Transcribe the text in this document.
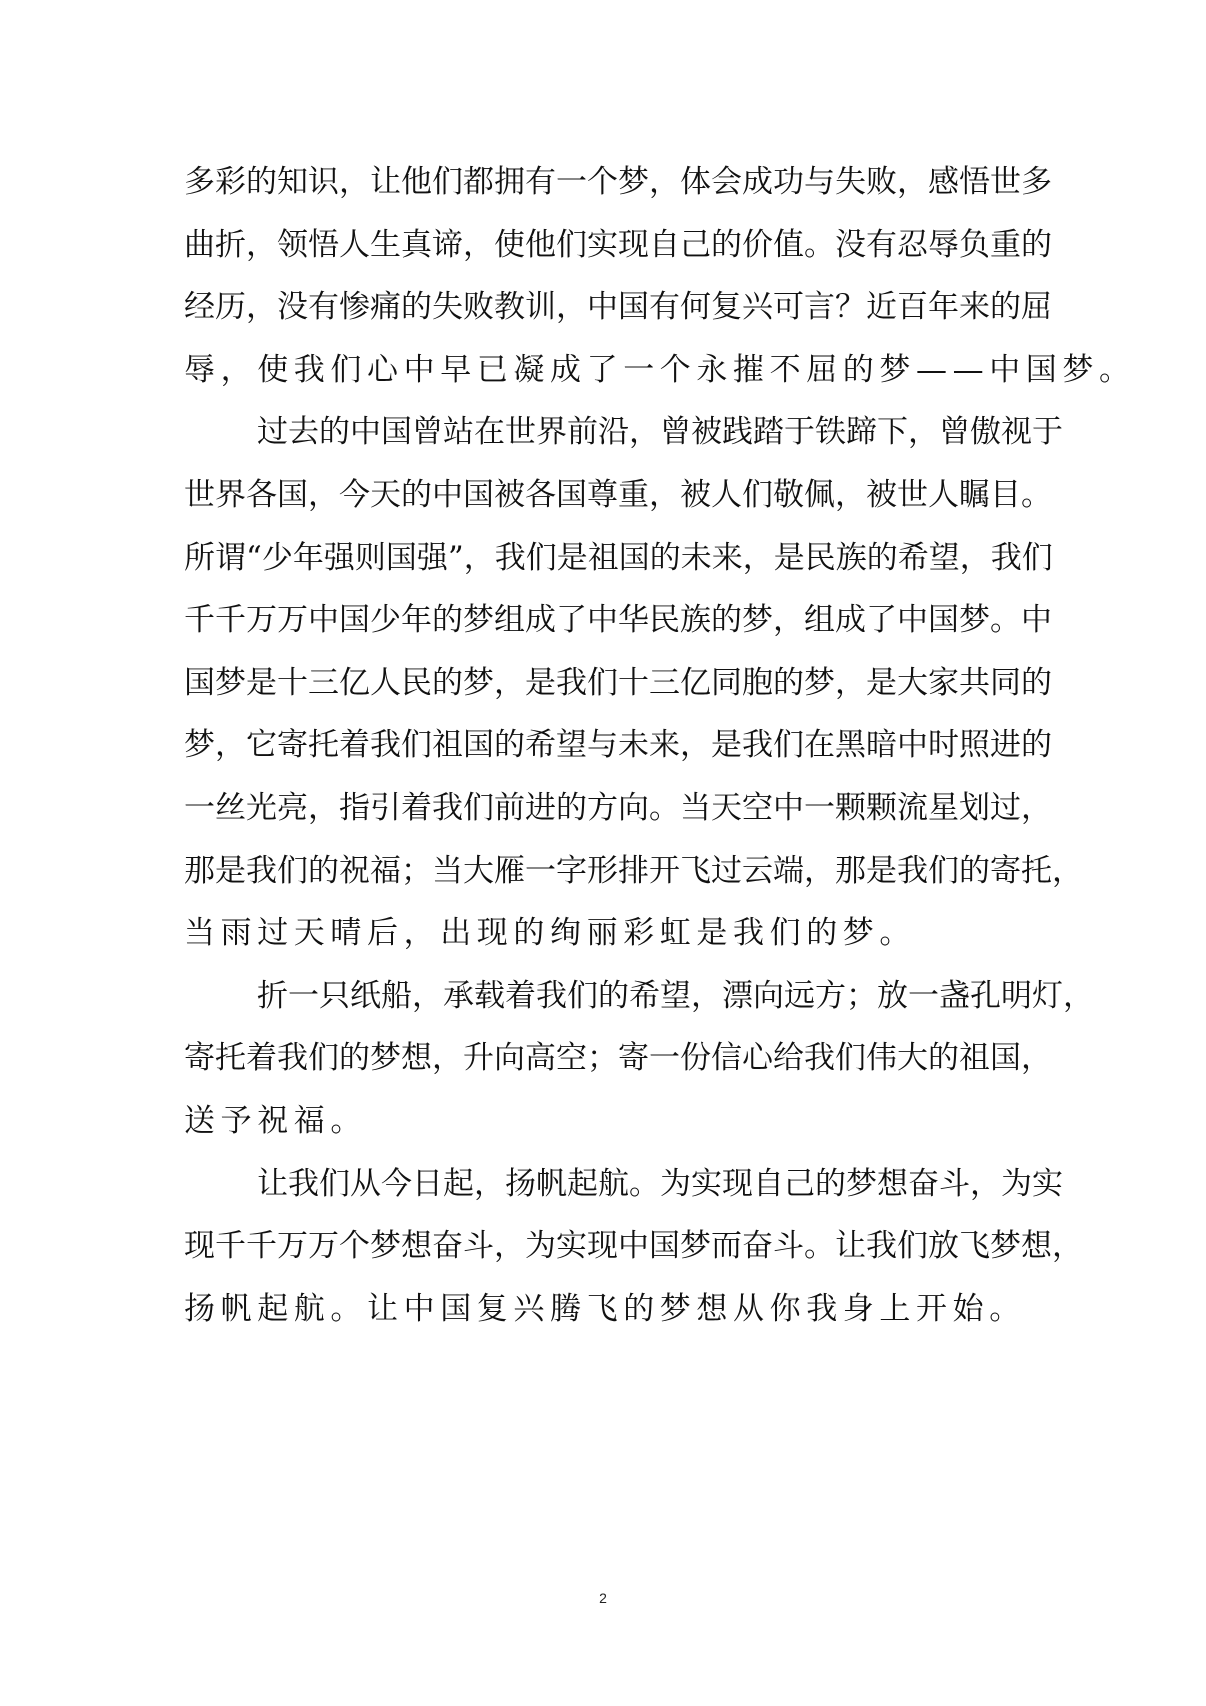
多彩的知识，让他们都拥有一个梦，体会成功与失败，感悟世多
曲折，领悟人生真谛，使他们实现自己的价值。没有忍辱负重的
经历，没有惨痛的失败教训，中国有何复兴可言？近百年来的屈
辱，使我们心中早已凝成了一个永摧不屈的梦——中国梦。
过去的中国曾站在世界前沿，曾被践踏于铁蹄下，曾傲视于
世界各国，今天的中国被各国尊重，被人们敬佩，被世人瞩目。
所谓“少年强则国强”，我们是祖国的未来，是民族的希望，我们
千千万万中国少年的梦组成了中华民族的梦，组成了中国梦。中
国梦是十三亿人民的梦，是我们十三亿同胞的梦，是大家共同的
梦，它寄托着我们祖国的希望与未来，是我们在黑暗中时照进的
一丝光亮，指引着我们前进的方向。当天空中一颗颗流星划过，
那是我们的祝福；当大雁一字形排开飞过云端，那是我们的寄托，
当雨过天晴后，出现的绚丽彩虹是我们的梦。
折一只纸船，承载着我们的希望，漂向远方；放一盏孔明灯，
寄托着我们的梦想，升向高空；寄一份信心给我们伟大的祖国，
送予祝福。
让我们从今日起，扬帆起航。为实现自己的梦想奋斗，为实
现千千万万个梦想奋斗，为实现中国梦而奋斗。让我们放飞梦想，
扬帆起航。让中国复兴腾飞的梦想从你我身上开始。
2
